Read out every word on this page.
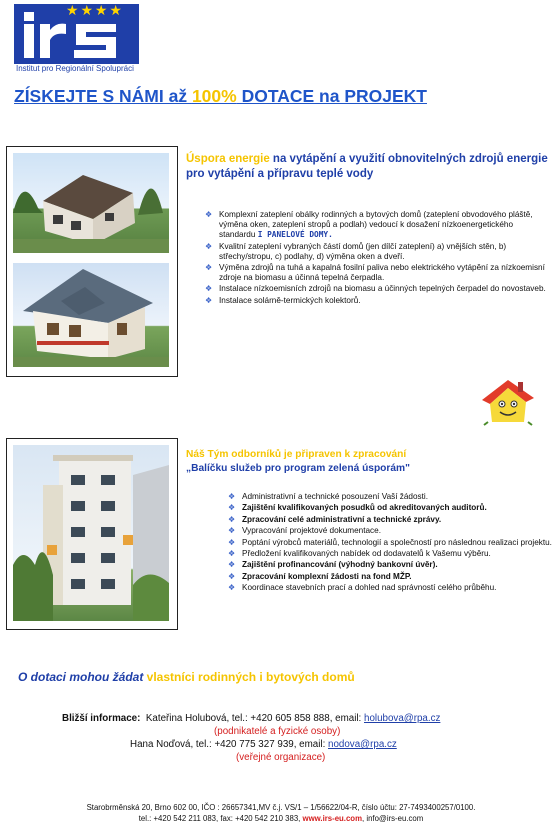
★ ★ ★ ★
Institut pro Regionální Spolupráci
ZÍSKEJTE S NÁMI až 100% DOTACE na PROJEKT
Úspora energie na vytápění a využití obnovitelných zdrojů energie pro vytápění a přípravu teplé vody
❖ Komplexní zateplení obálky rodinných a bytových domů (zateplení obvodového pláště, výměna oken, zateplení stropů a podlah) vedoucí k dosažení nízkoenergetického standardu I PANELOVÉ DOMY.
❖ Kvalitní zateplení vybraných částí domů (jen dílčí zateplení) a) vnějších stěn, b) střechy/stropu, c) podlahy, d) výměna oken a dveří.
❖ Výměna zdrojů na tuhá a kapalná fosilní paliva nebo elektrického vytápění za nízkoemisní zdroje na biomasu a účinná tepelná čerpadla.
❖ Instalace nízkoemisních zdrojů na biomasu a účinných tepelných čerpadel do novostaveb.
❖ Instalace solárně-termických kolektorů.
Náš Tým odborníků je připraven k zpracování
„Balíčku služeb pro program zelená úsporám"
❖ Administrativní a technické posouzení Vaší žádosti.
❖ Zajištění kvalifikovaných posudků od akreditovaných auditorů.
❖ Zpracování celé administrativní a technické zprávy.
❖ Vypracování projektové dokumentace.
❖ Poptání výrobců materiálů, technologií a společností pro následnou realizaci projektu.
❖ Předložení kvalifikovaných nabídek od dodavatelů k Vašemu výběru.
❖ Zajištění profinancování (výhodný bankovní úvěr).
❖ Zpracování komplexní žádosti na fond MŽP.
❖ Koordinace stavebních prací a dohled nad správností celého průběhu.
O dotaci mohou žádat vlastníci rodinných i bytových domů
Bližší informace: Kateřina Holubová, tel.: +420 605 858 888, email: holubova@rpa.cz
(podnikatelé a fyzické osoby)
Hana Noďová, tel.: +420 775 327 939, email: nodova@rpa.cz
(veřejné organizace)
Starobrměnská 20, Brno 602 00, IČO : 26657341,MV č.j. VS/1 – 1/56622/04-R, číslo účtu: 27-7493400257/0100.
tel.: +420 542 211 083, fax: +420 542 210 383, www.irs-eu.com, info@irs-eu.com
